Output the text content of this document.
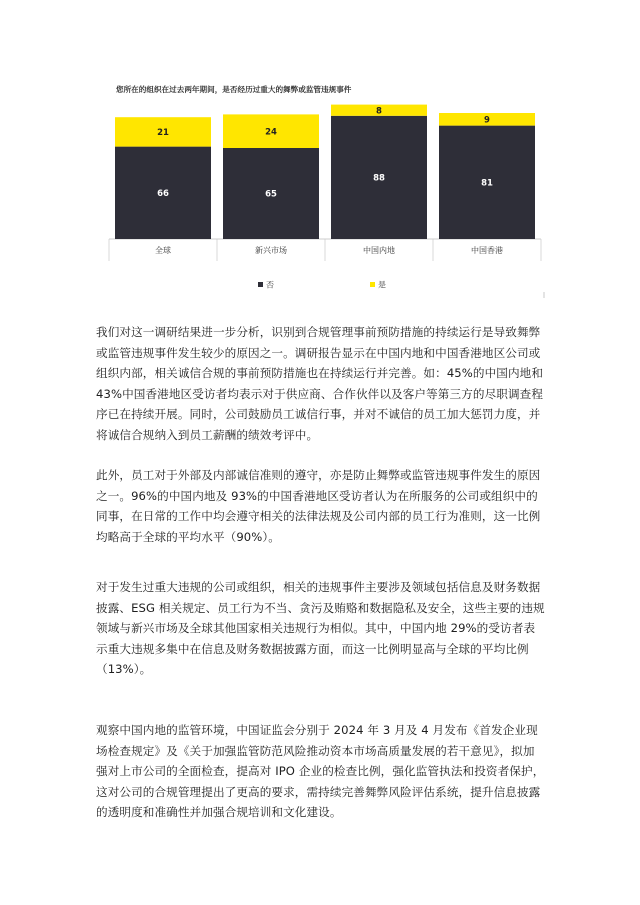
您所在的组织在过去两年期间，是否经历过重大的舞弊或监管违规事件
66
21
全球
65
24
新兴市场
88
8
中国内地
81
9
中国香港
否	是

我们对这一调研结果进一步分析，识别到合规管理事前预防措施的持续运行是导致舞弊或监管违规事件发生较少的原因之一。调研报告显示在中国内地和中国香港地区公司或组织内部，相关诚信合规的事前预防措施也在持续运行并完善。如：45%的中国内地和 43%中国香港地区受访者均表示对于供应商、合作伙伴以及客户等第三方的尽职调查程序已在持续开展。同时，公司鼓励员工诚信行事，并对不诚信的员工加大惩罚力度，并将诚信合规纳入到员工薪酬的绩效考评中。

此外，员工对于外部及内部诚信准则的遵守，亦是防止舞弊或监管违规事件发生的原因之一。96%的中国内地及 93%的中国香港地区受访者认为在所服务的公司或组织中的同事，在日常的工作中均会遵守相关的法律法规及公司内部的员工行为准则，这一比例均略高于全球的平均水平（90%）。

对于发生过重大违规的公司或组织，相关的违规事件主要涉及领域包括信息及财务数据披露、ESG 相关规定、员工行为不当、贪污及贿赂和数据隐私及安全，这些主要的违规领域与新兴市场及全球其他国家相关违规行为相似。其中，中国内地 29%的受访者表示重大违规多集中在信息及财务数据披露方面，而这一比例明显高与全球的平均比例（13%）。

观察中国内地的监管环境，中国证监会分别于 2024 年 3 月及 4 月发布《首发企业现场检查规定》及《关于加强监管防范风险推动资本市场高质量发展的若干意见》，拟加强对上市公司的全面检查，提高对 IPO 企业的检查比例，强化监管执法和投资者保护，这对公司的合规管理提出了更高的要求，需持续完善舞弊风险评估系统，提升信息披露的透明度和准确性并加强合规培训和文化建设。
